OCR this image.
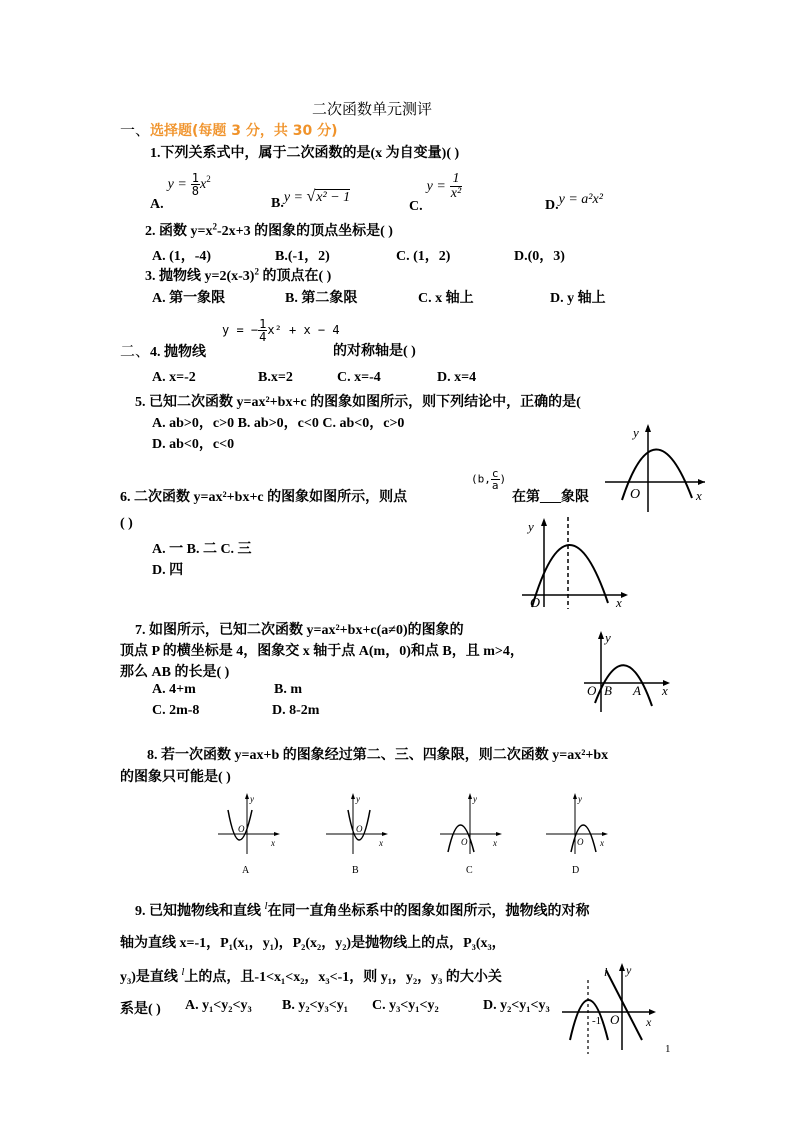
二次函数单元测评
一、选择题(每题 3 分，共 30 分)
1.下列关系式中，属于二次函数的是(x 为自变量)( )
A. $y = \frac{1}{8} x^2$
B.y = √x² − 1
C. $y = \frac{1}{\text{x²}}$
D.y = a²x²
2. 函数 $y=x^2-2x+3$ 的图象的顶点坐标是( )
A. (1，-4)	B.(-1，2)	C. (1，2)	D.(0，3)
3. 抛物线 $y=2(x-3)^2$ 的顶点在( )
A. 第一象限	B. 第二象限	C. x 轴上	D. y 轴上
二、4. 抛物线
y = − $\frac{1}{4} x^2 + x - 4$
的对称轴是( )
A. x=-2	B.x=2	C. x=-4	D. x=4
5. 已知二次函数 y=ax²+bx+c 的图象如图所示，则下列结论中，正确的是(
A. ab>0，c>0 B. ab>0，c<0 C. ab<0，c>0
D. ab<0，c<0
y
x
O
6. 二次函数 y=ax²+bx+c 的图象如图所示，则点
(b, $\frac{c}{a}$ )
在第___象限
( )
A. 一 B. 二 C. 三
D. 四
y
x
O
7. 如图所示，已知二次函数 y=ax²+bx+c(a≠0)的图象的
顶点 P 的横坐标是 4，图象交 x 轴于点 A(m，0)和点 B，且 m>4，
那么 AB 的长是( )
A. 4+m	B. m
C. 2m-8	D. 8-2m
y
x
O B A
8. 若一次函数 y=ax+b 的图象经过第二、三、四象限，则二次函数 y=ax²+bx
的图象只可能是( )
y
x
O
A
y
x
O
B
y
x
O
C
y
x
O
D
9. 已知抛物线和直线 $^l$在同一直角坐标系中的图象如图所示，抛物线的对称
轴为直线 x=-1，P₁(x₁，y₁)，P₂(x₂，y₂)是抛物线上的点，P₃(x₃，
y₃)是直线 $^l$上的点，且-1<x₁<x₂，x₃<-1，则 y₁，y₂，y₃ 的大小关
系是( ) A. y₁<y₂<y₃ B. y₂<y₃<y₁ C. y₃<y₁<y₂	D. y₂<y₁<y₃
l y
x
O
-1
1
